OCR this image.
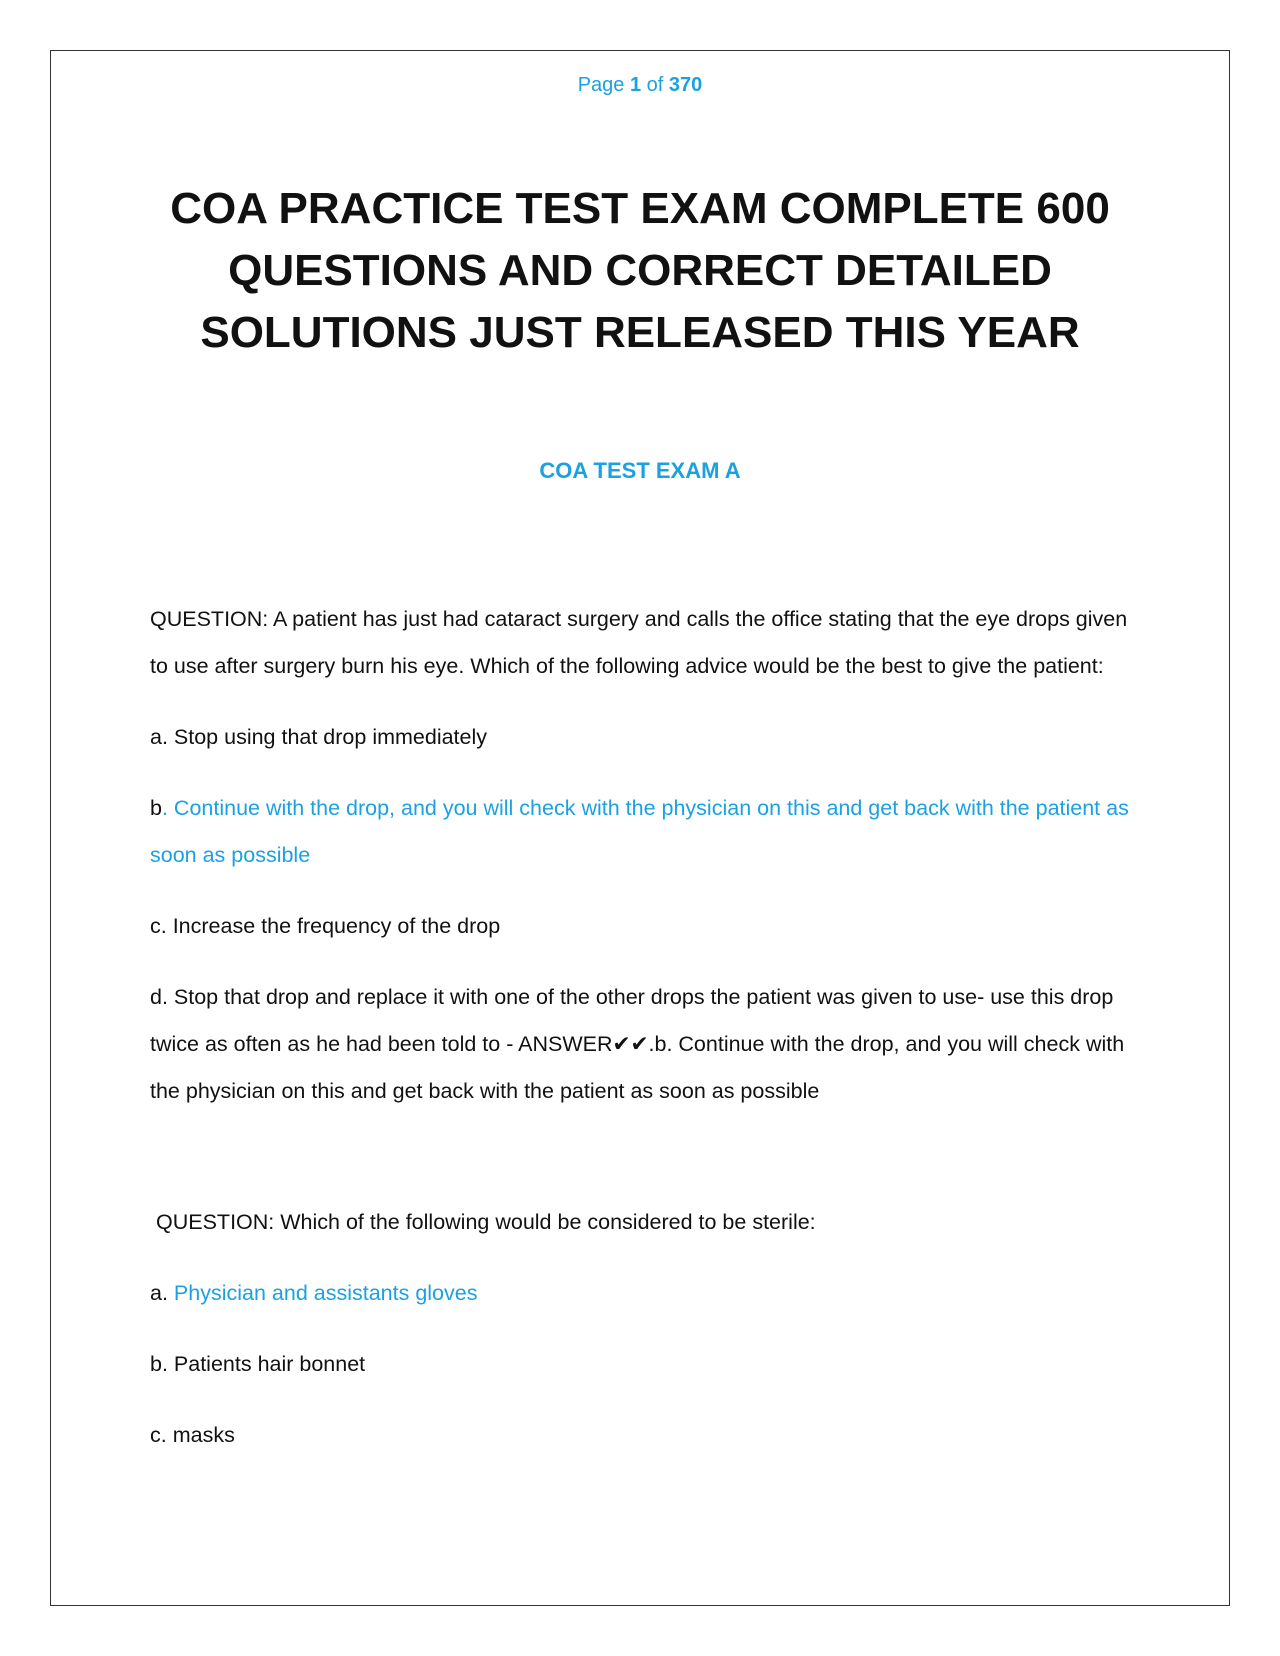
Page 1 of 370
COA PRACTICE TEST EXAM COMPLETE 600 QUESTIONS AND CORRECT DETAILED SOLUTIONS JUST RELEASED THIS YEAR
COA TEST EXAM A

QUESTION: A patient has just had cataract surgery and calls the office stating that the eye drops given to use after surgery burn his eye. Which of the following advice would be the best to give the patient:

a. Stop using that drop immediately

b. Continue with the drop, and you will check with the physician on this and get back with the patient as soon as possible

c. Increase the frequency of the drop

d. Stop that drop and replace it with one of the other drops the patient was given to use- use this drop twice as often as he had been told to - ANSWER✔✔.b. Continue with the drop, and you will check with the physician on this and get back with the patient as soon as possible

QUESTION: Which of the following would be considered to be sterile:

a. Physician and assistants gloves

b. Patients hair bonnet

c. masks
